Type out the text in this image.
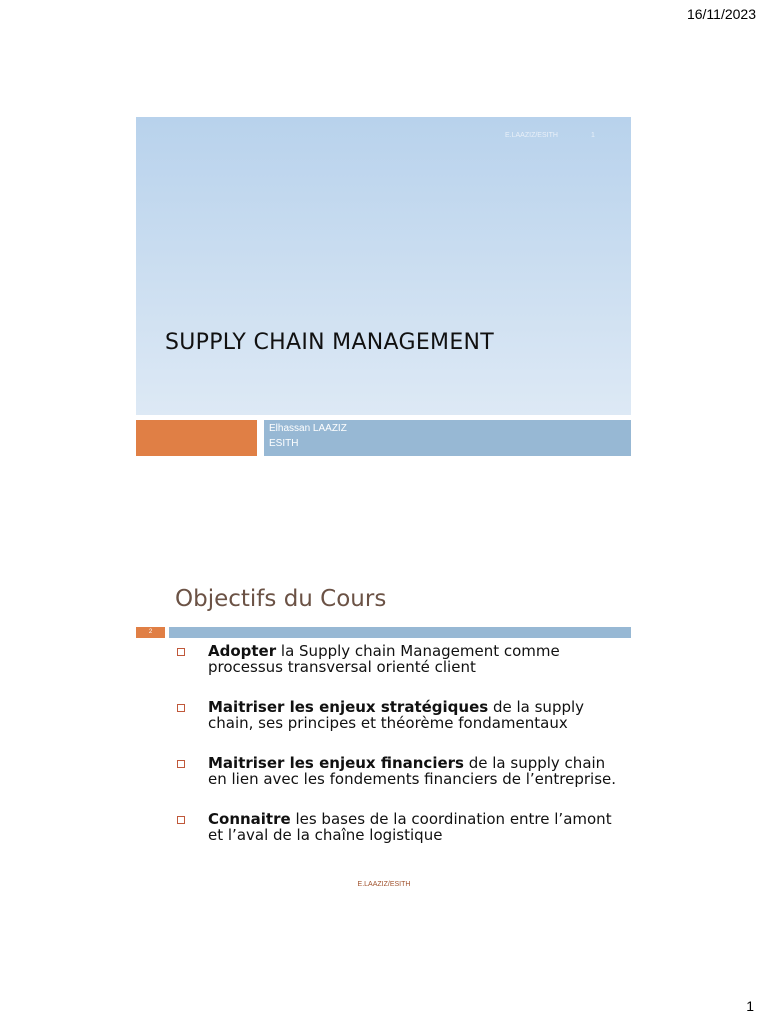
16/11/2023
E.LAAZIZ/ESITH	1
SUPPLY CHAIN MANAGEMENT
Elhassan LAAZIZ
ESITH
Objectifs du Cours
2
Adopter la Supply chain Management comme processus transversal orienté client
Maitriser les enjeux stratégiques de la supply chain, ses principes et théorème fondamentaux
Maitriser les enjeux financiers de la supply chain en lien avec les fondements financiers de l’entreprise.
Connaitre les bases de la coordination entre l’amont et l’aval de la chaîne logistique
E.LAAZIZ/ESITH
1
